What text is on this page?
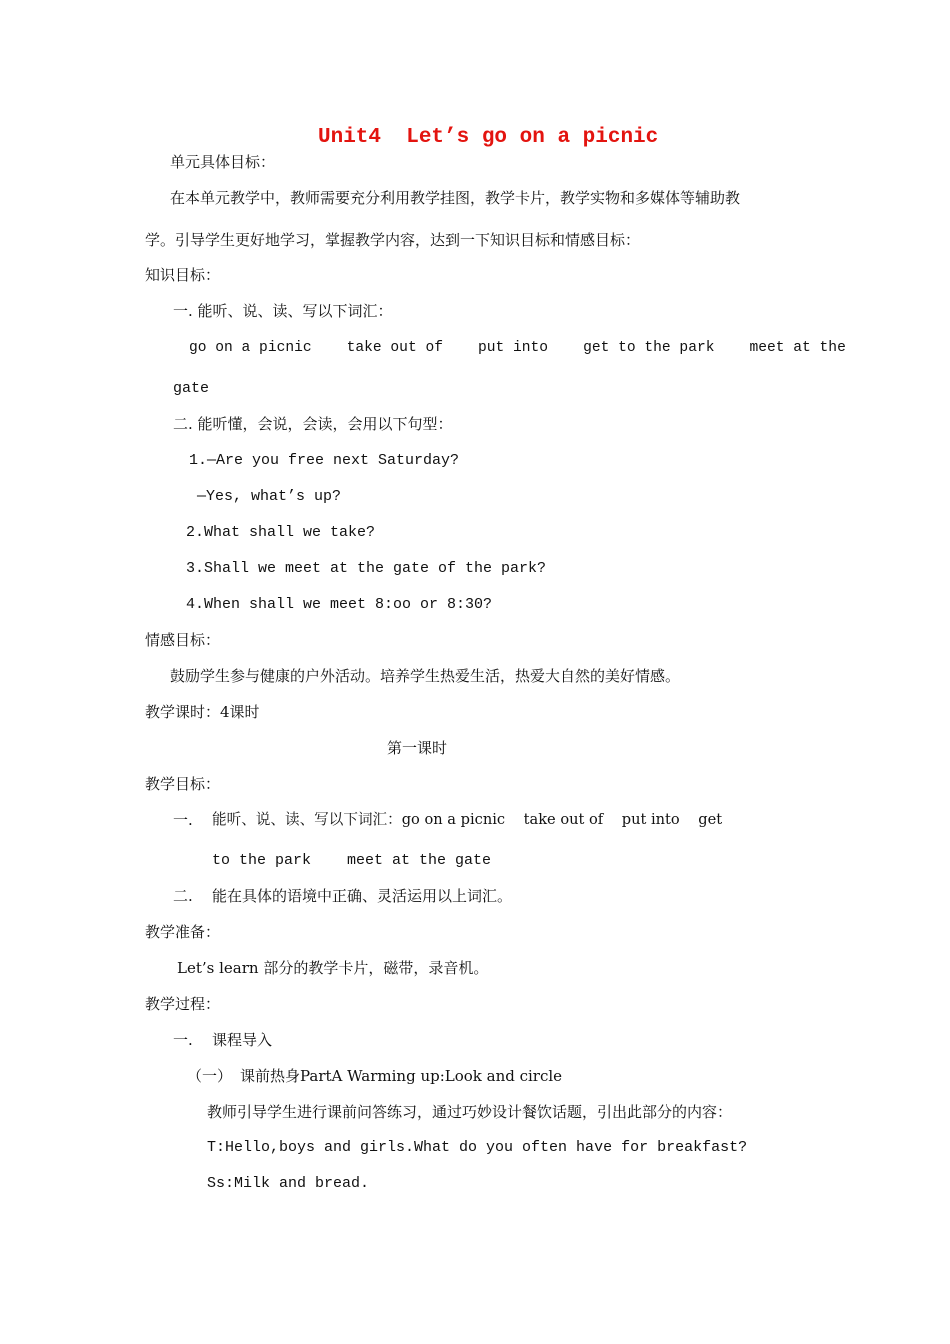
Unit4  Let’s go on a picnic
单元具体目标：
在本单元教学中，教师需要充分利用教学挂图，教学卡片，教学实物和多媒体等辅助教
学。引导学生更好地学习，掌握教学内容，达到一下知识目标和情感目标：
知识目标：
一. 能听、说、读、写以下词汇：
go on a picnic    take out of    put into    get to the park    meet at the
gate
二. 能听懂，会说，会读，会用以下句型：
1.—Are you free next Saturday?
—Yes, what’s up?
2.What shall we take?
3.Shall we meet at the gate of the park?
4.When shall we meet 8:oo or 8:30?
情感目标：
鼓励学生参与健康的户外活动。培养学生热爱生活，热爱大自然的美好情感。
教学课时：4课时
第一课时
教学目标：
一. 能听、说、读、写以下词汇：go on a picnic    take out of    put into    get
to the park    meet at the gate
二. 能在具体的语境中正确、灵活运用以上词汇。
教学准备：
Let’s learn 部分的教学卡片，磁带，录音机。
教学过程：
一. 课程导入
（一） 课前热身PartA Warming up:Look and circle
教师引导学生进行课前问答练习，通过巧妙设计餐饮话题，引出此部分的内容：
T:Hello,boys and girls.What do you often have for breakfast?
Ss:Milk and bread.
